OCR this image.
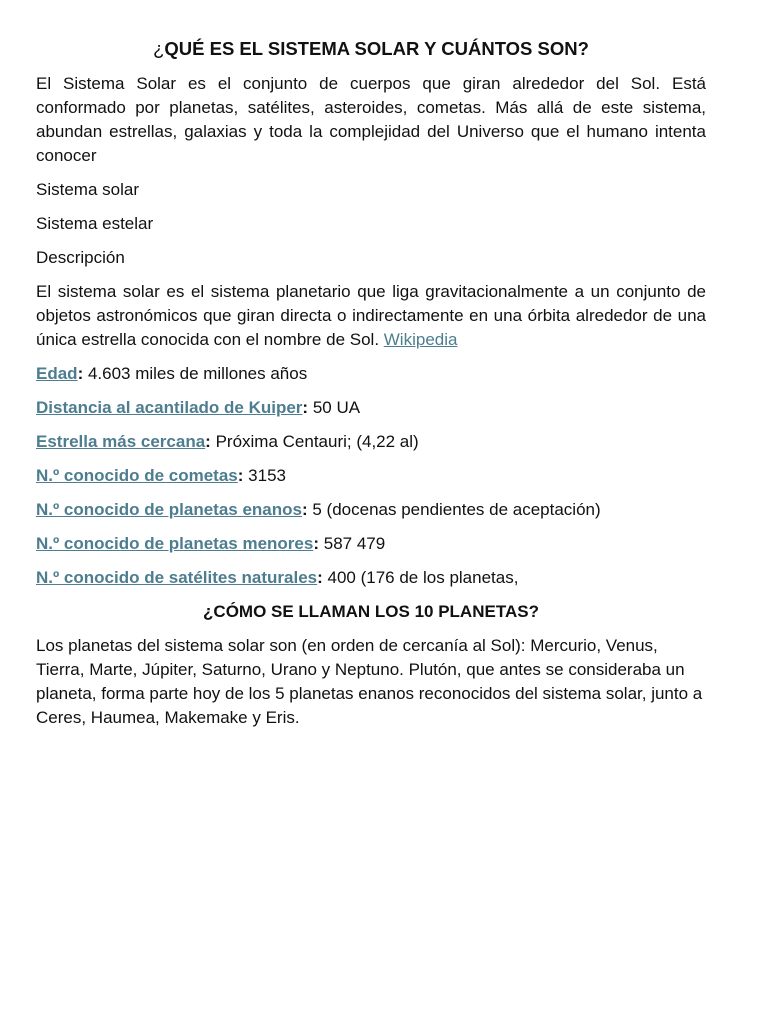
¿QUÉ ES EL SISTEMA SOLAR Y CUÁNTOS SON?

El Sistema Solar es el conjunto de cuerpos que giran alrededor del Sol. Está conformado por planetas, satélites, asteroides, cometas. Más allá de este sistema, abundan estrellas, galaxias y toda la complejidad del Universo que el humano intenta conocer

Sistema solar

Sistema estelar

Descripción

El sistema solar es el sistema planetario que liga gravitacionalmente a un conjunto de objetos astronómicos que giran directa o indirectamente en una órbita alrededor de una única estrella conocida con el nombre de Sol. Wikipedia

Edad: 4.603 miles de millones años

Distancia al acantilado de Kuiper: 50 UA

Estrella más cercana: Próxima Centauri; (4,22 al)

N.º conocido de cometas: 3153

N.º conocido de planetas enanos: 5 (docenas pendientes de aceptación)

N.º conocido de planetas menores: 587 479

N.º conocido de satélites naturales: 400 (176 de los planetas,

¿CÓMO SE LLAMAN LOS 10 PLANETAS?

Los planetas del sistema solar son (en orden de cercanía al Sol): Mercurio, Venus, Tierra, Marte, Júpiter, Saturno, Urano y Neptuno. Plutón, que antes se consideraba un planeta, forma parte hoy de los 5 planetas enanos reconocidos del sistema solar, junto a Ceres, Haumea, Makemake y Eris.
